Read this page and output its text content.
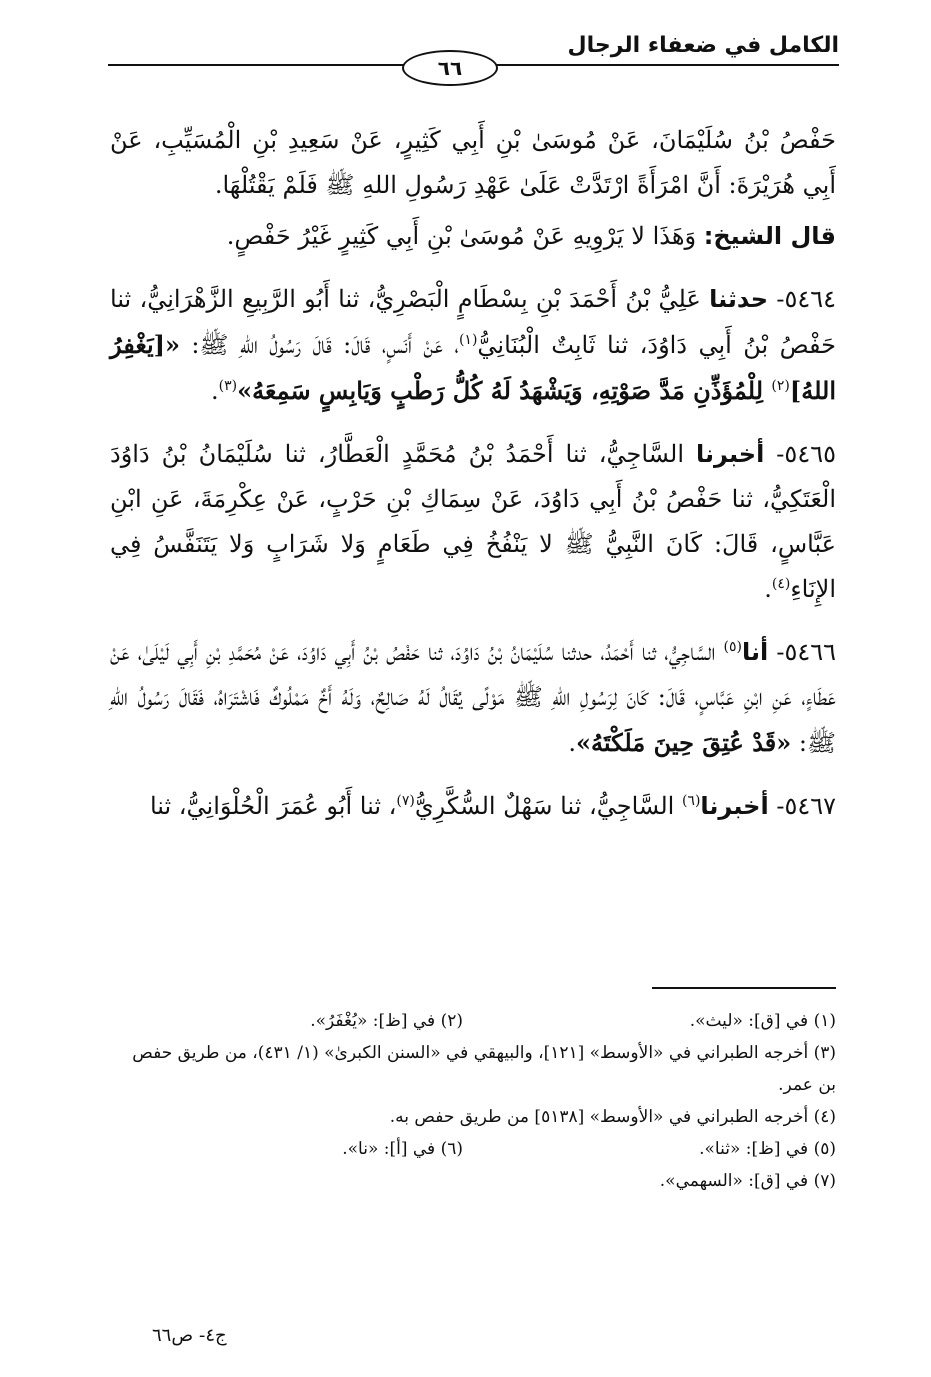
الكامل في ضعفاء الرجال
٦٦

حَفْصُ بْنُ سُلَيْمَانَ، عَنْ مُوسَىٰ بْنِ أَبِي كَثِيرٍ، عَنْ سَعِيدِ بْنِ الْمُسَيِّبِ، عَنْ أَبِي هُرَيْرَةَ: أَنَّ امْرَأَةً ارْتَدَّتْ عَلَىٰ عَهْدِ رَسُولِ اللهِ ﷺ فَلَمْ يَقْتُلْهَا.

قال الشيخ: وَهَذَا لا يَرْوِيهِ عَنْ مُوسَىٰ بْنِ أَبِي كَثِيرٍ غَيْرُ حَفْصٍ.

٥٤٦٤- حدثنا عَلِيُّ بْنُ أَحْمَدَ بْنِ بِسْطَامٍ الْبَصْرِيُّ، ثنا أَبُو الرَّبِيعِ الزَّهْرَانِيُّ، ثنا حَفْصُ بْنُ أَبِي دَاوُدَ، ثنا ثَابِتٌ الْبُنَانِيُّ$^{(١)}$، عَنْ أَنَسٍ، قَالَ: قَالَ رَسُولُ اللهِ ﷺ: «[يَغْفِرُ اللهُ]$^{(٢)}$ لِلْمُؤَذِّنِ مَدَّ صَوْتِهِ، وَيَشْهَدُ لَهُ كُلُّ رَطْبٍ وَيَابِسٍ سَمِعَهُ»$^{(٣)}$.

٥٤٦٥- أخبرنا السَّاجِيُّ، ثنا أَحْمَدُ بْنُ مُحَمَّدٍ الْعَطَّارُ، ثنا سُلَيْمَانُ بْنُ دَاوُدَ الْعَتَكِيُّ، ثنا حَفْصُ بْنُ أَبِي دَاوُدَ، عَنْ سِمَاكِ بْنِ حَرْبٍ، عَنْ عِكْرِمَةَ، عَنِ ابْنِ عَبَّاسٍ، قَالَ: كَانَ النَّبِيُّ ﷺ لا يَنْفُخُ فِي طَعَامٍ وَلا شَرَابٍ وَلا يَتَنَفَّسُ فِي الإِنَاءِ$^{(٤)}$.

٥٤٦٦- أنا$^{(٥)}$ السَّاجِيُّ، ثنا أَحْمَدُ، حدثنا سُلَيْمَانُ بْنُ دَاوُدَ، ثنا حَفْصُ بْنُ أَبِي دَاوُدَ، عَنْ مُحَمَّدِ بْنِ أَبِي لَيْلَىٰ، عَنْ عَطَاءٍ، عَنِ ابْنِ عَبَّاسٍ، قَالَ: كَانَ لِرَسُولِ اللهِ ﷺ مَوْلًى يُقَالُ لَهُ صَالِحٌ، وَلَهُ أَخٌ مَمْلُوكٌ فَاشْتَرَاهُ، فَقَالَ رَسُولُ اللهِ ﷺ: «قَدْ عُتِقَ حِينَ مَلَكْتَهُ».

٥٤٦٧- أخبرنا$^{(٦)}$ السَّاجِيُّ، ثنا سَهْلٌ السُّكَّرِيُّ$^{(٧)}$، ثنا أَبُو عُمَرَ الْحُلْوَانِيُّ، ثنا

(١) في [ق]: «ليث».
(٢) في [ظ]: «يُغْفَرُ».
(٣) أخرجه الطبراني في «الأوسط» [١٢١]، والبيهقي في «السنن الكبرىٰ» (١/ ٤٣١)، من طريق حفص بن عمر.
(٤) أخرجه الطبراني في «الأوسط» [٥١٣٨] من طريق حفص به.
(٥) في [ظ]: «ثنا».
(٦) في [أ]: «نا».
(٧) في [ق]: «السهمي».
ج٤- ص٦٦
